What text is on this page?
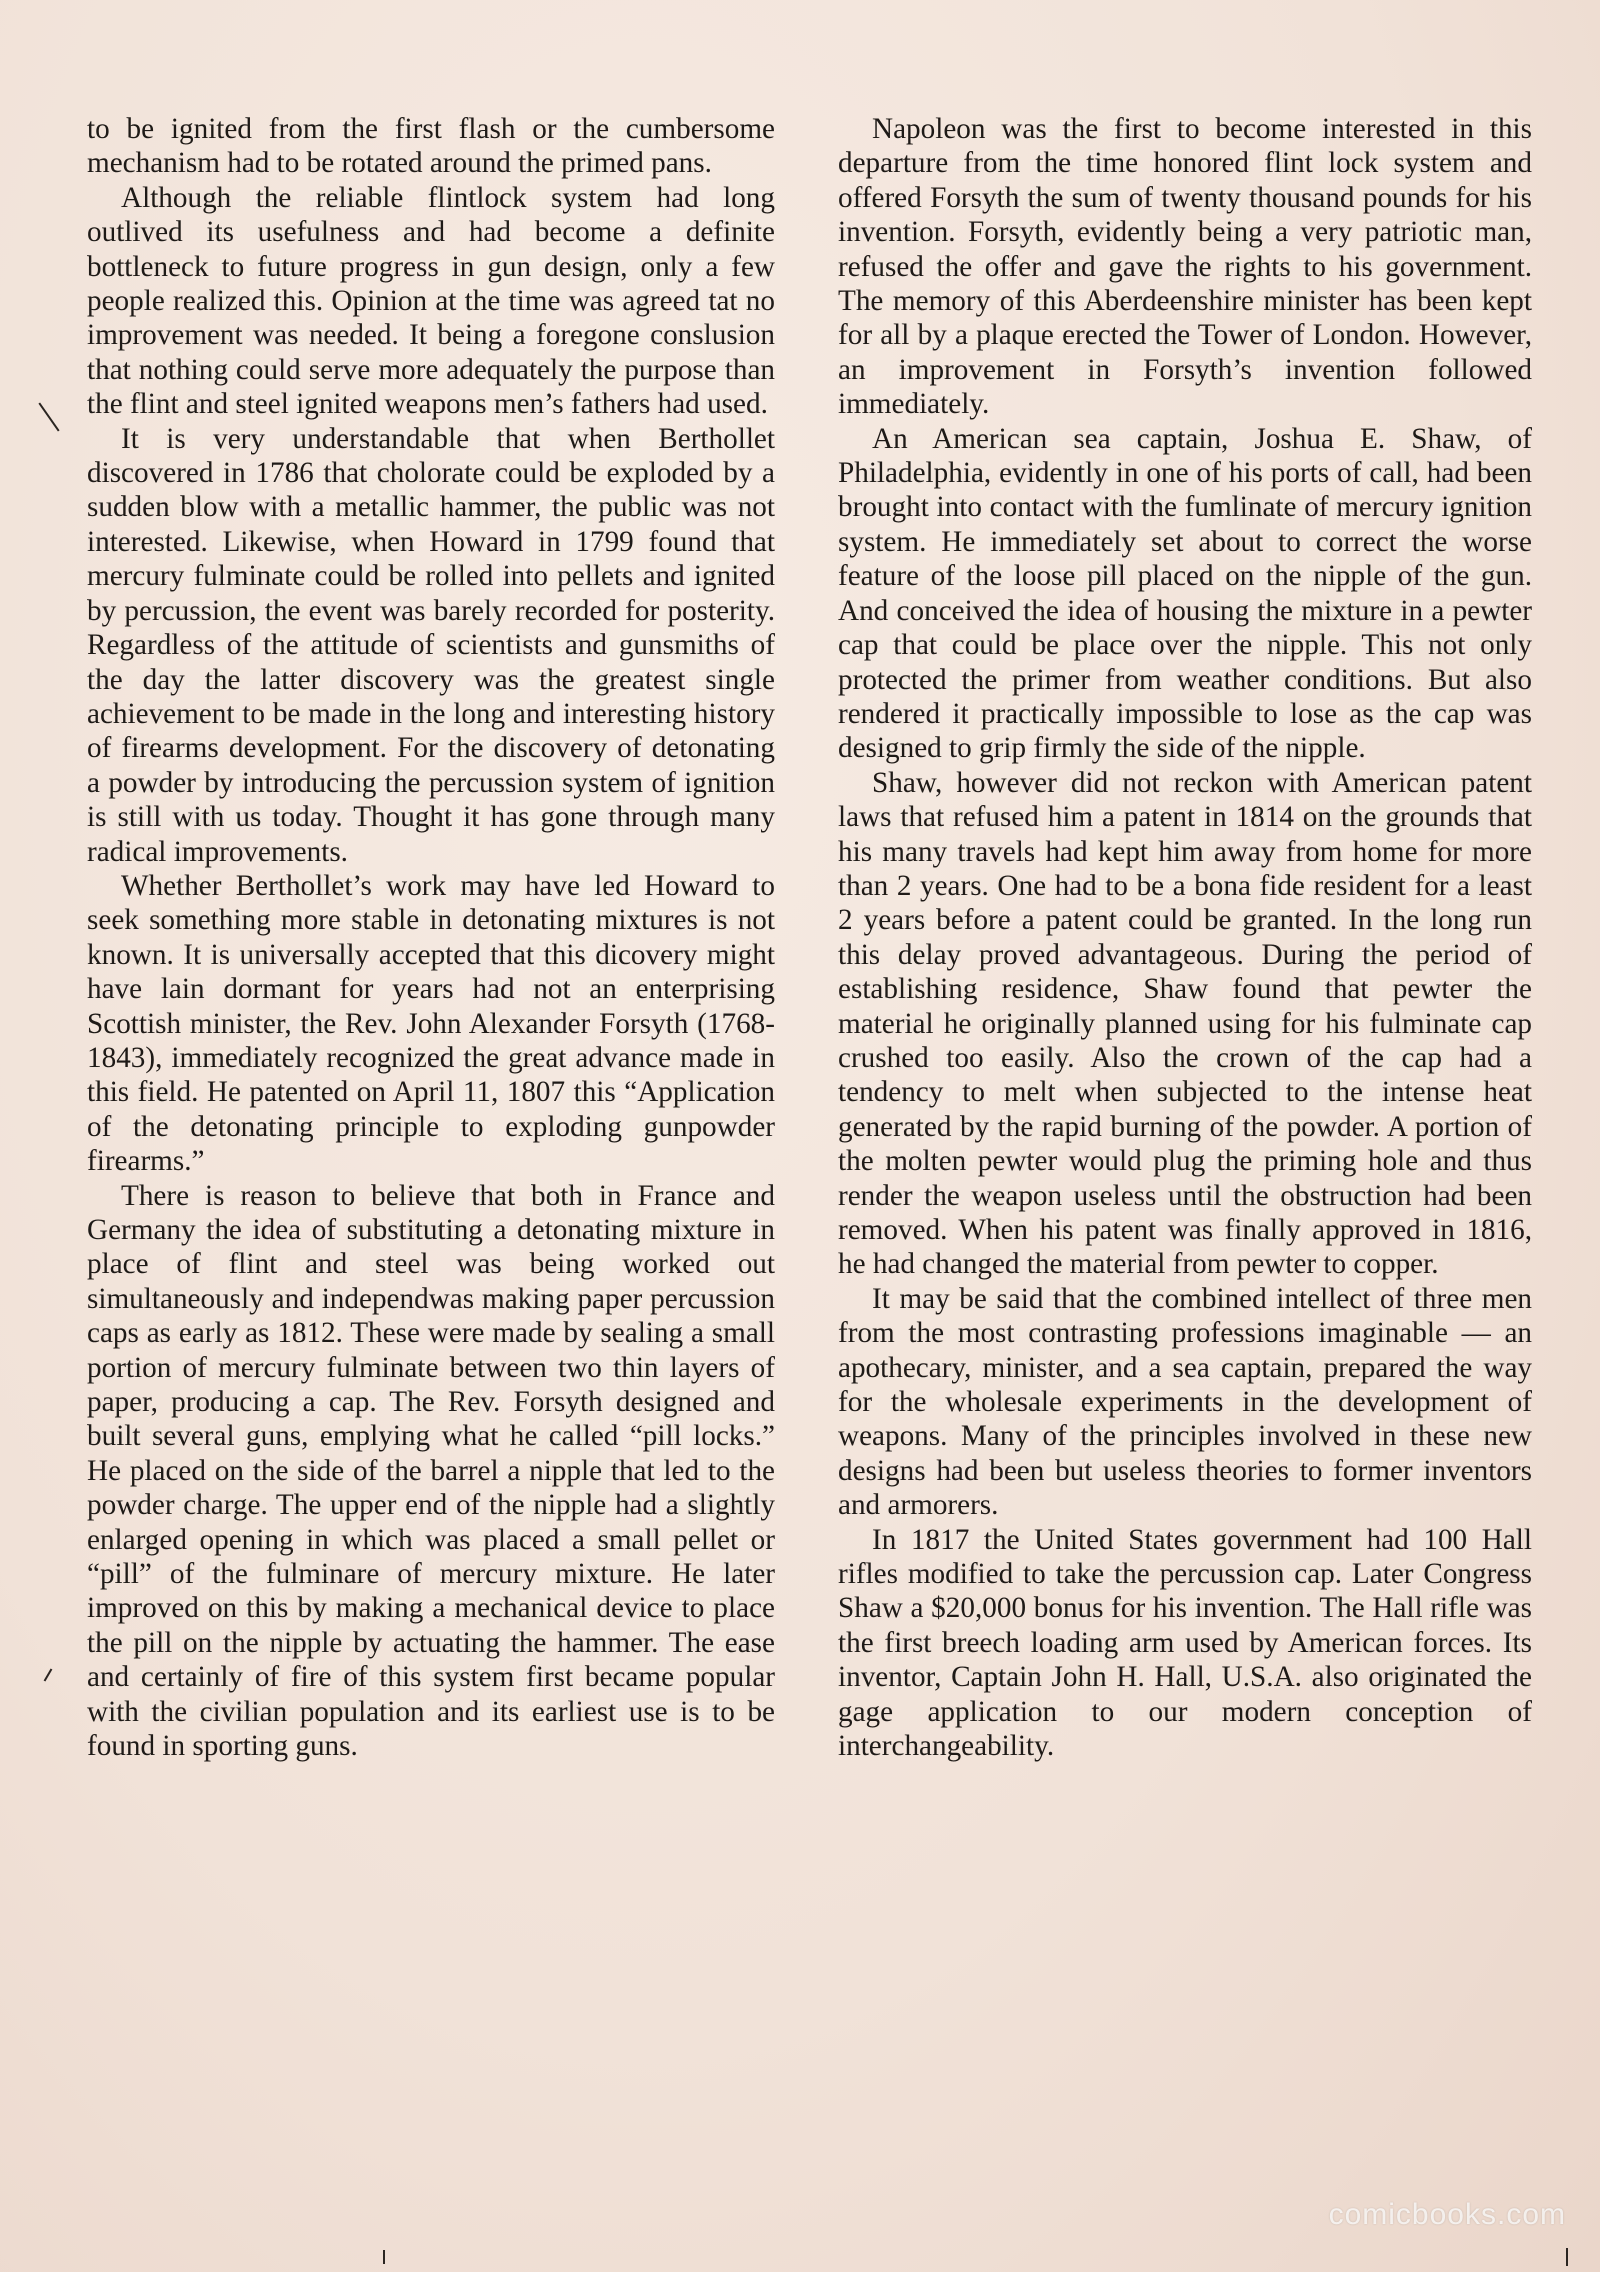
to be ignited from the first flash or the cumbersome mechanism had to be rotated around the primed pans.

Although the reliable flintlock system had long outlived its usefulness and had become a definite bottleneck to future progress in gun design, only a few people realized this. Opinion at the time was agreed tat no improvement was needed. It being a foregone conslusion that nothing could serve more adequately the purpose than the flint and steel ignited weapons men’s fathers had used.

It is very understandable that when Berthollet discovered in 1786 that cholorate could be exploded by a sudden blow with a metallic hammer, the public was not interested. Likewise, when Howard in 1799 found that mercury fulminate could be rolled into pellets and ignited by percussion, the event was barely recorded for posterity. Regardless of the attitude of scientists and gunsmiths of the day the latter discovery was the greatest single achievement to be made in the long and interesting history of firearms development. For the discovery of detonating a powder by introducing the percussion system of ignition is still with us today. Thought it has gone through many radical improvements.

Whether Berthollet’s work may have led Howard to seek something more stable in detonating mixtures is not known. It is universally accepted that this dicovery might have lain dormant for years had not an enterprising Scottish minister, the Rev. John Alexander Forsyth (1768-1843), immediately recognized the great advance made in this field. He patented on April 11, 1807 this “Application of the detonating principle to exploding gunpowder firearms.”

There is reason to believe that both in France and Germany the idea of substituting a detonating mixture in place of flint and steel was being worked out simultaneously and independwas making paper percussion caps as early as 1812. These were made by sealing a small portion of mercury fulminate between two thin layers of paper, producing a cap. The Rev. Forsyth designed and built several guns, emplying what he called “pill locks.” He placed on the side of the barrel a nipple that led to the powder charge. The upper end of the nipple had a slightly enlarged opening in which was placed a small pellet or “pill” of the fulminare of mercury mixture. He later improved on this by making a mechanical device to place the pill on the nipple by actuating the hammer. The ease and certainly of fire of this system first became popular with the civilian population and its earliest use is to be found in sporting guns.

Napoleon was the first to become interested in this departure from the time honored flint lock system and offered Forsyth the sum of twenty thousand pounds for his invention. Forsyth, evidently being a very patriotic man, refused the offer and gave the rights to his government. The memory of this Aberdeenshire minister has been kept for all by a plaque erected the Tower of London. However, an improvement in Forsyth’s invention followed immediately.

An American sea captain, Joshua E. Shaw, of Philadelphia, evidently in one of his ports of call, had been brought into contact with the fumlinate of mercury ignition system. He immediately set about to correct the worse feature of the loose pill placed on the nipple of the gun. And conceived the idea of housing the mixture in a pewter cap that could be place over the nipple. This not only protected the primer from weather conditions. But also rendered it practically impossible to lose as the cap was designed to grip firmly the side of the nipple.

Shaw, however did not reckon with American patent laws that refused him a patent in 1814 on the grounds that his many travels had kept him away from home for more than 2 years. One had to be a bona fide resident for a least 2 years before a patent could be granted. In the long run this delay proved advantageous. During the period of establishing residence, Shaw found that pewter the material he originally planned using for his fulminate cap crushed too easily. Also the crown of the cap had a tendency to melt when subjected to the intense heat generated by the rapid burning of the powder. A portion of the molten pewter would plug the priming hole and thus render the weapon useless until the obstruction had been removed. When his patent was finally approved in 1816, he had changed the material from pewter to copper.

It may be said that the combined intellect of three men from the most contrasting professions imaginable — an apothecary, minister, and a sea captain, prepared the way for the wholesale experiments in the development of weapons. Many of the principles involved in these new designs had been but useless theories to former inventors and armorers.

In 1817 the United States government had 100 Hall rifles modified to take the percussion cap. Later Congress Shaw a $20,000 bonus for his invention. The Hall rifle was the first breech loading arm used by American forces. Its inventor, Captain John H. Hall, U.S.A. also originated the gage application to our modern conception of interchangeability.

comicbooks.com
